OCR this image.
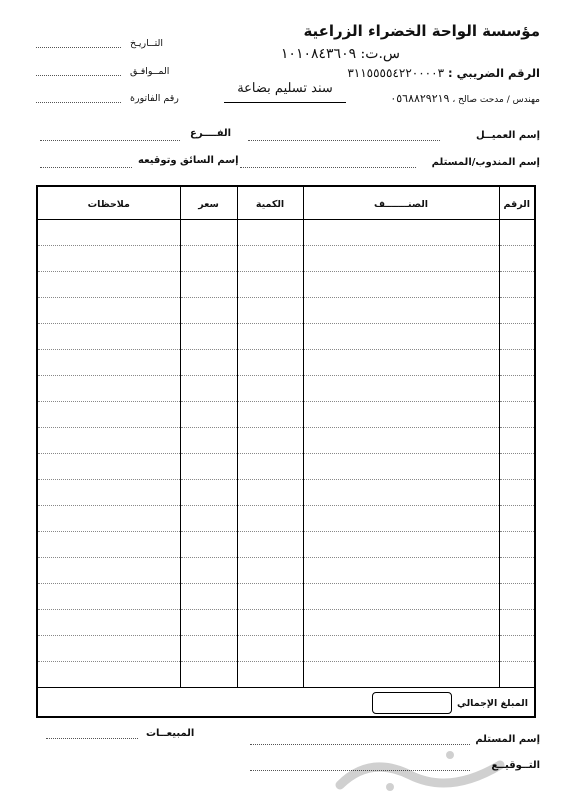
مؤسسة الواحة الخضراء الزراعية
س.ت: ١٠١٠٨٤٣٦٠٩
الرقم الضريبي : ٣١١٥٥٥٥٤٢٢٠٠٠٠٣
مهندس / مدحت صالح ، ٠٥٦٨٨٢٩٢١٩
سند تسليم بضاعة
التــاريـخ
المــوافـق
رقم الفاتورة
إسم العميــل
الفــــرع
إسم المندوب/المستلم
إسم السائق وتوقيعه
الرقم	الصنـــــــف	الكمية	سعر	ملاحظات

المبلغ الإجمالي				
إسم المستلم
التــوقيــع
المبيعــات
